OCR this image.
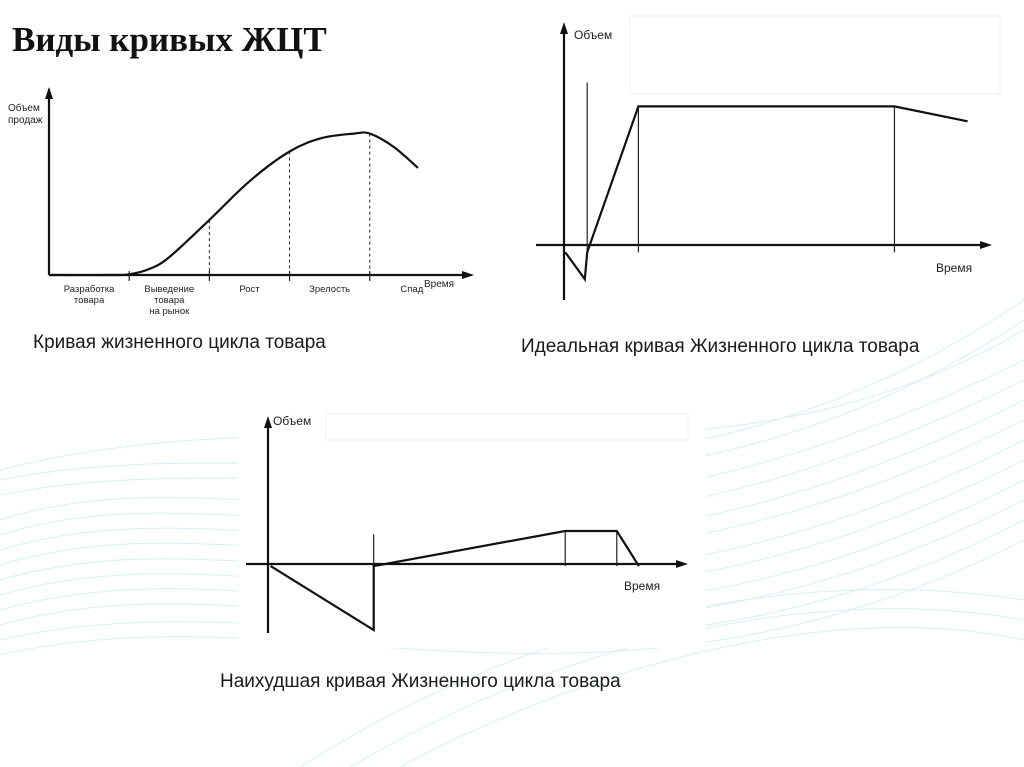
Виды кривых ЖЦТ
Объем
продаж
Время
Разработка товара
Выведение товара на рынок
Рост	Зрелость	Спад
Кривая жизненного цикла товара
Объем
Время
Идеальная кривая Жизненного цикла товара
Объем
Время
Наихудшая кривая Жизненного цикла товара
